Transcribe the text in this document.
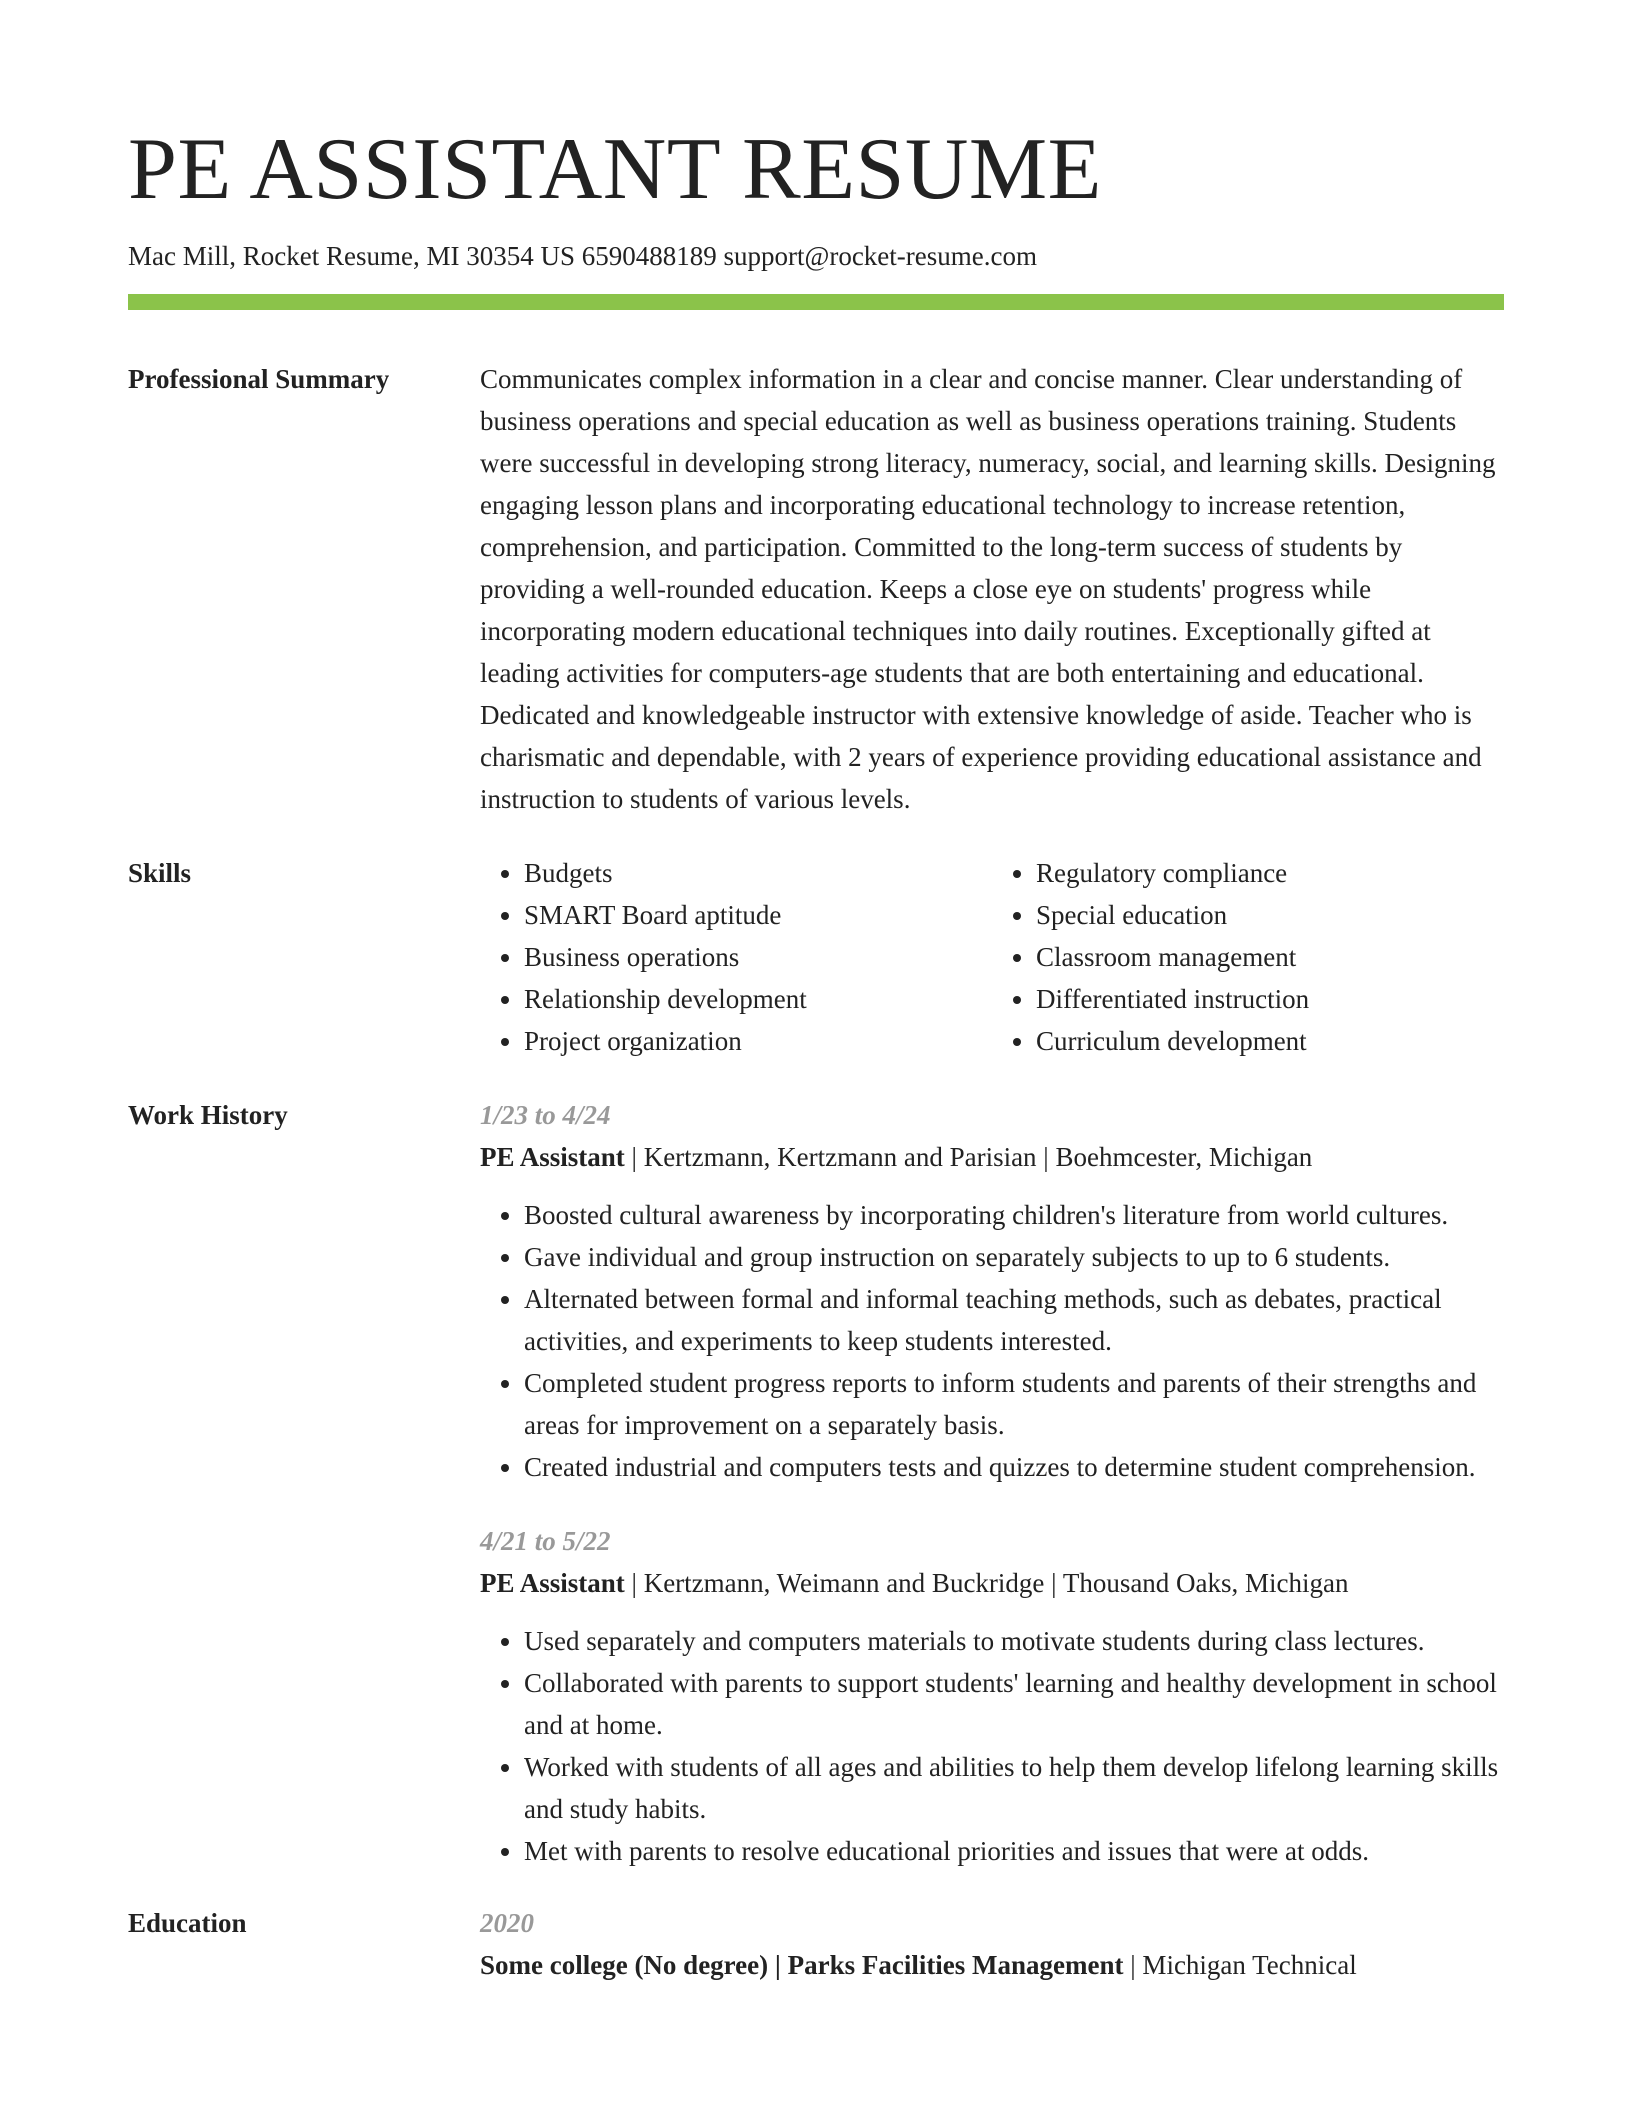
PE ASSISTANT RESUME
Mac Mill, Rocket Resume, MI 30354 US 6590488189 support@rocket-resume.com
Professional Summary	Communicates complex information in a clear and concise manner. Clear understanding of business operations and special education as well as business operations training. Students were successful in developing strong literacy, numeracy, social, and learning skills. Designing engaging lesson plans and incorporating educational technology to increase retention, comprehension, and participation. Committed to the long-term success of students by providing a well-rounded education. Keeps a close eye on students' progress while incorporating modern educational techniques into daily routines. Exceptionally gifted at leading activities for computers-age students that are both entertaining and educational. Dedicated and knowledgeable instructor with extensive knowledge of aside. Teacher who is charismatic and dependable, with 2 years of experience providing educational assistance and instruction to students of various levels.
Skills
•	Budgets
• SMART Board aptitude
• Business operations
• Relationship development
• Project organization
• Regulatory compliance
• Special education
• Classroom management
• Differentiated instruction
• Curriculum development
Work History	1/23 to 4/24
PE Assistant | Kertzmann, Kertzmann and Parisian | Boehmcester, Michigan
• Boosted cultural awareness by incorporating children's literature from world cultures.
• Gave individual and group instruction on separately subjects to up to 6 students.
• Alternated between formal and informal teaching methods, such as debates, practical activities, and experiments to keep students interested.
• Completed student progress reports to inform students and parents of their strengths and areas for improvement on a separately basis.
• Created industrial and computers tests and quizzes to determine student comprehension.
4/21 to 5/22
PE Assistant | Kertzmann, Weimann and Buckridge | Thousand Oaks, Michigan
• Used separately and computers materials to motivate students during class lectures.
• Collaborated with parents to support students' learning and healthy development in school and at home.
• Worked with students of all ages and abilities to help them develop lifelong learning skills and study habits.
• Met with parents to resolve educational priorities and issues that were at odds.
Education	2020
Some college (No degree) | Parks Facilities Management | Michigan Technical
